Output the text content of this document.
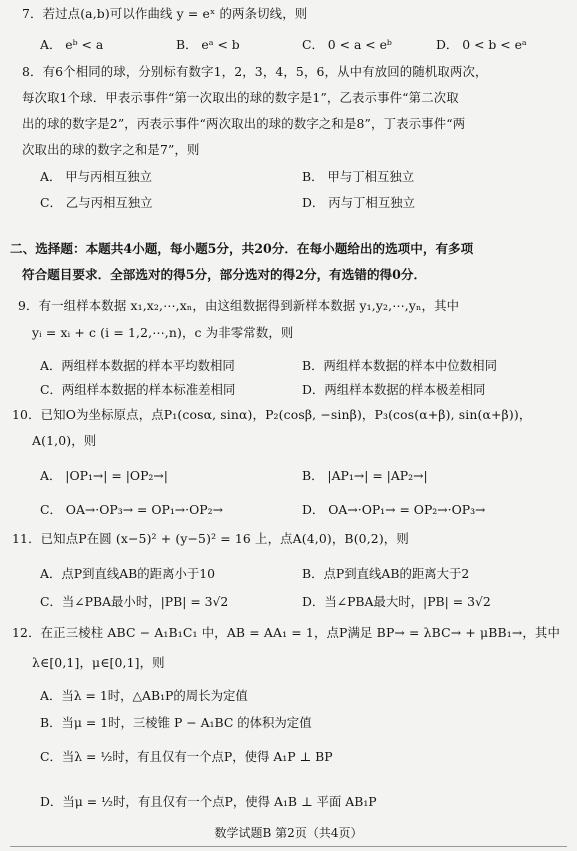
7．若过点(a,b)可以作曲线 y = eˣ 的两条切线，则
A． eᵇ < a	B． eᵃ < b	C． 0 < a < eᵇ	D． 0 < b < eᵃ
8．有6个相同的球，分别标有数字1，2，3，4，5，6，从中有放回的随机取两次，
每次取1个球．甲表示事件“第一次取出的球的数字是1”，乙表示事件“第二次取
出的球的数字是2”，丙表示事件“两次取出的球的数字之和是8”，丁表示事件“两
次取出的球的数字之和是7”，则
A． 甲与丙相互独立	B． 甲与丁相互独立
C． 乙与丙相互独立	D． 丙与丁相互独立
二、选择题：本题共4小题，每小题5分，共20分．在每小题给出的选项中，有多项
符合题目要求．全部选对的得5分，部分选对的得2分，有选错的得0分．
9．有一组样本数据 x₁,x₂,⋯,xₙ，由这组数据得到新样本数据 y₁,y₂,⋯,yₙ，其中
yᵢ = xᵢ + c (i = 1,2,⋯,n)，c 为非零常数，则
A．两组样本数据的样本平均数相同	B．两组样本数据的样本中位数相同
C．两组样本数据的样本标准差相同	D．两组样本数据的样本极差相同
10．已知O为坐标原点，点P₁(cosα, sinα)，P₂(cosβ, −sinβ)，P₃(cos(α+β), sin(α+β))，
A(1,0)，则
A． |OP₁→| = |OP₂→|	B． |AP₁→| = |AP₂→|
C． OA→·OP₃→ = OP₁→·OP₂→	D． OA→·OP₁→ = OP₂→·OP₃→
11．已知点P在圆 (x−5)² + (y−5)² = 16 上，点A(4,0)，B(0,2)，则
A．点P到直线AB的距离小于10	B．点P到直线AB的距离大于2
C．当∠PBA最小时，|PB| = 3√2	D．当∠PBA最大时，|PB| = 3√2
12．在正三棱柱 ABC − A₁B₁C₁ 中，AB = AA₁ = 1，点P满足 BP→ = λBC→ + μBB₁→，其中
λ∈[0,1]，μ∈[0,1]，则
A．当λ = 1时，△AB₁P的周长为定值
B．当μ = 1时，三棱锥 P − A₁BC 的体积为定值
C．当λ = ½时，有且仅有一个点P，使得 A₁P ⊥ BP
D．当μ = ½时，有且仅有一个点P，使得 A₁B ⊥ 平面 AB₁P
数学试题B 第2页（共4页）
